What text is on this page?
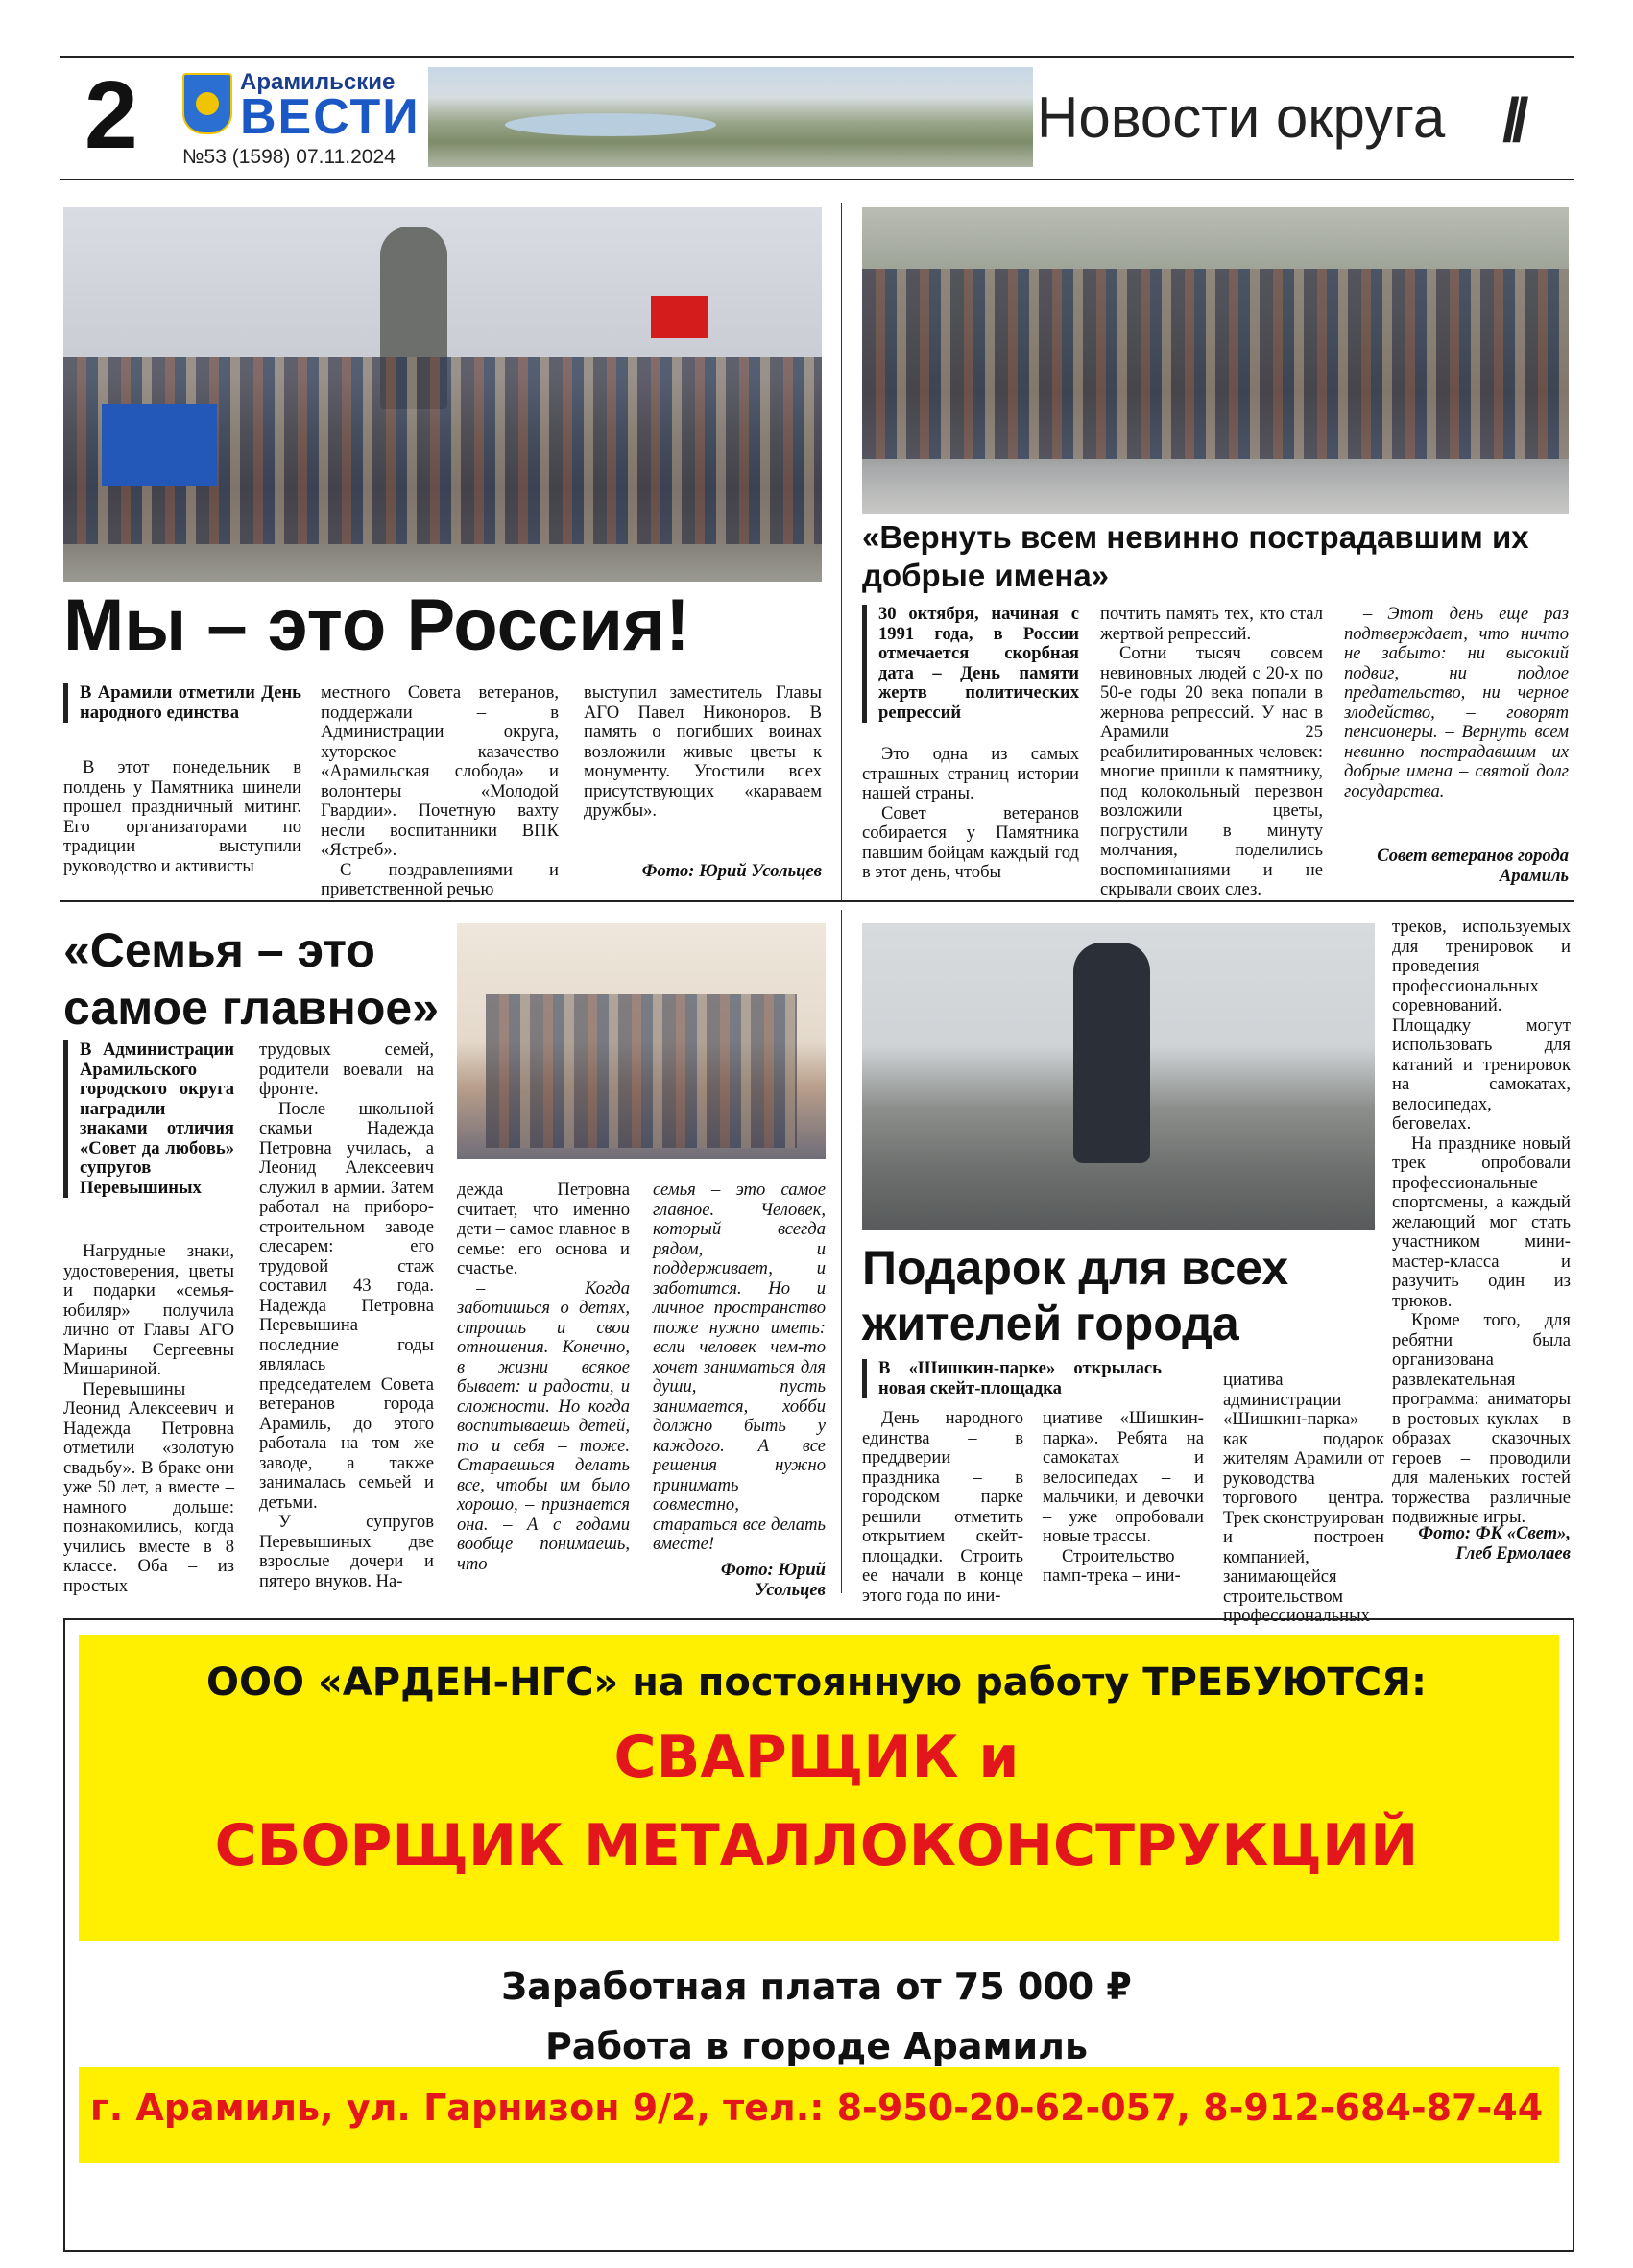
2	Арамильские
ВЕСТИ
№53 (1598) 07.11.2024
Новости округа //
Мы – это Россия!
В Арамили отметили День народного единства

В этот понедельник в полдень у Памятника шинели прошел праздничный митинг. Его организаторами по традиции выступили руководство и активисты

местного Совета ветеранов, поддержали – в Администрации округа, хуторское казачество «Арамильская слобода» и волонтеры «Молодой Гвардии». Почетную вахту несли воспитанники ВПК «Ястреб».

С поздравлениями и приветственной речью

выступил заместитель Главы АГО Павел Никоноров. В память о погибших воинах возложили живые цветы к монументу. Угостили всех присутствующих «караваем дружбы».

Фото: Юрий Усольцев
«Вернуть всем невинно пострадавшим их добрые имена»
30 октября, начиная с 1991 года, в России отмечается скорбная дата – День памяти жертв политических репрессий

Это одна из самых страшных страниц истории нашей страны.

Совет ветеранов собирается у Памятника павшим бойцам каждый год в этот день, чтобы

почтить память тех, кто стал жертвой репрессий.

Сотни тысяч совсем невиновных людей с 20-х по 50-е годы 20 века попали в жернова репрессий. У нас в Арамили 25 реабилитированных человек: многие пришли к памятнику, под колокольный перезвон возложили цветы, погрустили в минуту молчания, поделились воспоминаниями и не скрывали своих слез.

– Этот день еще раз подтверждает, что ничто не забыто: ни высокий подвиг, ни подлое предательство, ни черное злодейство, – говорят пенсионеры. – Вернуть всем невинно пострадавшим их добрые имена – святой долг государства.

Совет ветеранов города Арамиль
«Семья – это
самое главное»
В Администрации Арамильского городского округа наградили знаками отличия «Совет да любовь» супругов Перевышиных

Нагрудные знаки, удостоверения, цветы и подарки «семья-юбиляр» получила лично от Главы АГО Марины Сергеевны Мишариной.

Перевышины Леонид Алексеевич и Надежда Петровна отметили «золотую свадьбу». В браке они уже 50 лет, а вместе – намного дольше: познакомились, когда учились вместе в 8 классе. Оба – из простых

трудовых семей, родители воевали на фронте.

После школьной скамьи Надежда Петровна училась, а Леонид Алексеевич служил в армии. Затем работал на приборо-строительном заводе слесарем: его трудовой стаж составил 43 года. Надежда Петровна Перевышина последние годы являлась председателем Совета ветеранов города Арамиль, до этого работала на том же заводе, а также занималась семьей и детьми.

У супругов Перевышиных две взрослые дочери и пятеро внуков. На-

дежда Петровна считает, что именно дети – самое главное в семье: его основа и счастье.

– Когда заботишься о детях, строишь и свои отношения. Конечно, в жизни всякое бывает: и радости, и сложности. Но когда воспитываешь детей, то и себя – тоже. Стараешься делать все, чтобы им было хорошо, – признается она. – А с годами вообще понимаешь, что

семья – это самое главное. Человек, который всегда рядом, и поддерживает, и заботится. Но и личное пространство тоже нужно иметь: если человек чем-то хочет заниматься для души, пусть занимается, хобби должно быть у каждого. А все решения нужно принимать совместно, стараться все делать вместе!

Фото: Юрий Усольцев
Подарок для всех
жителей города
В «Шишкин-парке» открылась новая скейт-площадка

День народного единства – в преддверии праздника – в городском парке решили отметить открытием скейт-площадки. Строить ее начали в конце этого года по ини-

циативе «Шишкин-парка». Ребята на самокатах и велосипедах – и мальчики, и девочки – уже опробовали новые трассы.

Строительство памп-трека – ини-

циатива администрации «Шишкин-парка» как подарок жителям Арамили от руководства торгового центра. Трек сконструирован и построен компанией, занимающейся строительством профессиональных

треков, используемых для тренировок и проведения профессиональных соревнований. Площадку могут использовать для катаний и тренировок на самокатах, велосипедах, беговелах.

На празднике новый трек опробовали профессиональные спортсмены, а каждый желающий мог стать участником мини-мастер-класса и разучить один из трюков.

Кроме того, для ребятни была организована развлекательная программа: аниматоры в ростовых куклах – в образах сказочных героев – проводили для маленьких гостей торжества различные подвижные игры.

Фото: ФК «Свет», Глеб Ермолаев
ООО «АРДЕН-НГС» на постоянную работу ТРЕБУЮТСЯ:
СВАРЩИК и
СБОРЩИК МЕТАЛЛОКОНСТРУКЦИЙ
Заработная плата от 75 000 ₽
Работа в городе Арамиль
г. Арамиль, ул. Гарнизон 9/2, тел.: 8-950-20-62-057, 8-912-684-87-44
